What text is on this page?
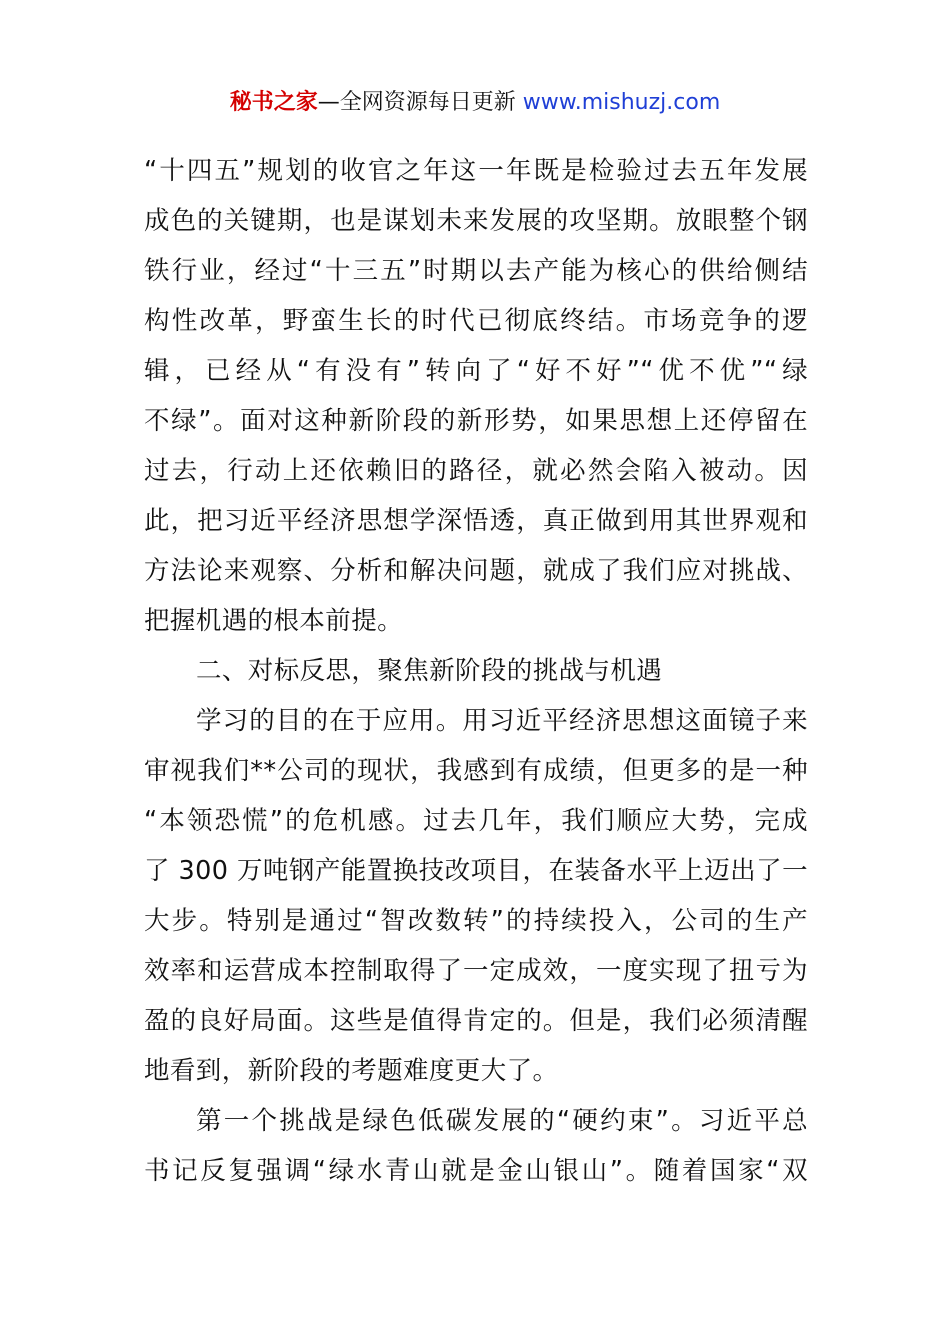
秘书之家—全网资源每日更新 www.mishuzj.com
“十四五”规划的收官之年这一年既是检验过去五年发展
成色的关键期，也是谋划未来发展的攻坚期。放眼整个钢
铁行业，经过“十三五”时期以去产能为核心的供给侧结
构性改革，野蛮生长的时代已彻底终结。市场竞争的逻
辑，已经从“有没有”转向了“好不好”“优不优”“绿
不绿”。面对这种新阶段的新形势，如果思想上还停留在
过去，行动上还依赖旧的路径，就必然会陷入被动。因
此，把习近平经济思想学深悟透，真正做到用其世界观和
方法论来观察、分析和解决问题，就成了我们应对挑战、
把握机遇的根本前提。
二、对标反思，聚焦新阶段的挑战与机遇
学习的目的在于应用。用习近平经济思想这面镜子来
审视我们**公司的现状，我感到有成绩，但更多的是一种
“本领恐慌”的危机感。过去几年，我们顺应大势，完成
了 300 万吨钢产能置换技改项目，在装备水平上迈出了一
大步。特别是通过“智改数转”的持续投入，公司的生产
效率和运营成本控制取得了一定成效，一度实现了扭亏为
盈的良好局面。这些是值得肯定的。但是，我们必须清醒
地看到，新阶段的考题难度更大了。
第一个挑战是绿色低碳发展的“硬约束”。习近平总
书记反复强调“绿水青山就是金山银山”。随着国家“双
